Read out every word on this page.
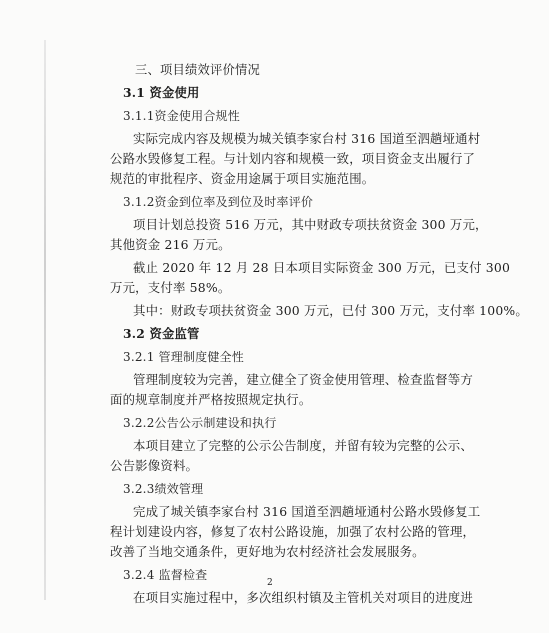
三、项目绩效评价情况
3.1 资金使用
3.1.1资金使用合规性
实际完成内容及规模为城关镇李家台村 316 国道至泗趟垭通村
公路水毁修复工程。与计划内容和规模一致，项目资金支出履行了
规范的审批程序、资金用途属于项目实施范围。
3.1.2资金到位率及到位及时率评价
项目计划总投资 516 万元，其中财政专项扶贫资金 300 万元，
其他资金 216 万元。
截止 2020 年 12 月 28 日本项目实际资金 300 万元，已支付 300
万元，支付率 58%。
其中：财政专项扶贫资金 300 万元，已付 300 万元，支付率 100%。
3.2 资金监管
3.2.1 管理制度健全性
管理制度较为完善，建立健全了资金使用管理、检查监督等方
面的规章制度并严格按照规定执行。
3.2.2公告公示制建设和执行
本项目建立了完整的公示公告制度，并留有较为完整的公示、
公告影像资料。
3.2.3绩效管理
完成了城关镇李家台村 316 国道至泗趟垭通村公路水毁修复工
程计划建设内容，修复了农村公路设施，加强了农村公路的管理，
改善了当地交通条件，更好地为农村经济社会发展服务。
3.2.4 监督检查
在项目实施过程中，多次组织村镇及主管机关对项目的进度进
2
